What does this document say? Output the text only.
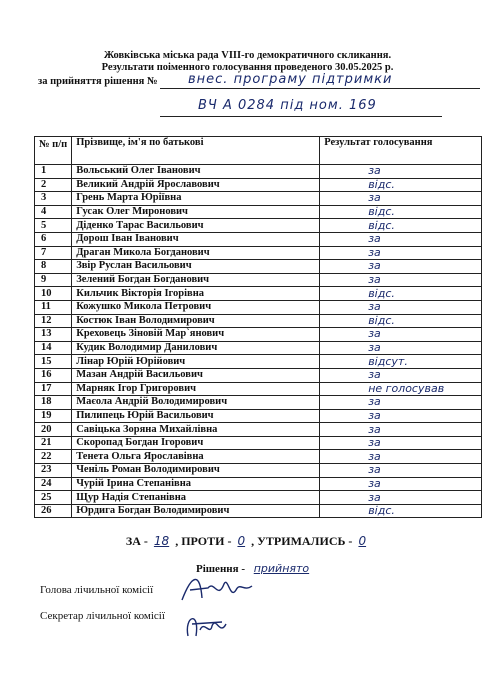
Жовківська міська рада VIII-го демократичного скликання.
Результати поіменного голосування проведеного 30.05.2025 р.
за прийняття рішення №	внес. програму підтримки
ВЧ А 0284 під ном. 169
№ п/п	Прізвище, ім'я по батькові	Результат голосування
1	Вольський Олег Іванович	за
2	Великий Андрій Ярославович	відс.
3	Грень Марта Юріївна	за
4	Гусак Олег Миронович	відс.
5	Діденко Тарас Васильович	відс.
6	Дорош Іван Іванович	за
7	Драган Микола Богданович	за
8	Звір Руслан Васильович	за
9	Зелений Богдан Богданович	за
10	Кильчик Вікторія Ігорівна	відс.
11	Кожушко Микола Петрович	за
12	Костюк Іван Володимирович	відс.
13	Креховець Зіновій Мар`янович	за
14	Кудик Володимир Данилович	за
15	Лінар Юрій Юрійович	відсут.
16	Мазан Андрій Васильович	за
17	Марняк Ігор Григорович	не голосував
18	Маєола Андрій Володимирович	за
19	Пилипець Юрій Васильович	за
20	Савіцька Зоряна Михайлівна	за
21	Скоропад Богдан Ігорович	за
22	Тенета Ольга Ярославівна	за
23	Ченіль Роман Володимирович	за
24	Чурій Ірина Степанівна	за
25	Щур Надія Степанівна	за
26	Юрдига Богдан Володимирович	відс.
ЗА - 18 , ПРОТИ - 0 , УТРИМАЛИСЬ - 0
Рішення - прийнято
Голова лічильної комісії
Секретар лічильної комісії
